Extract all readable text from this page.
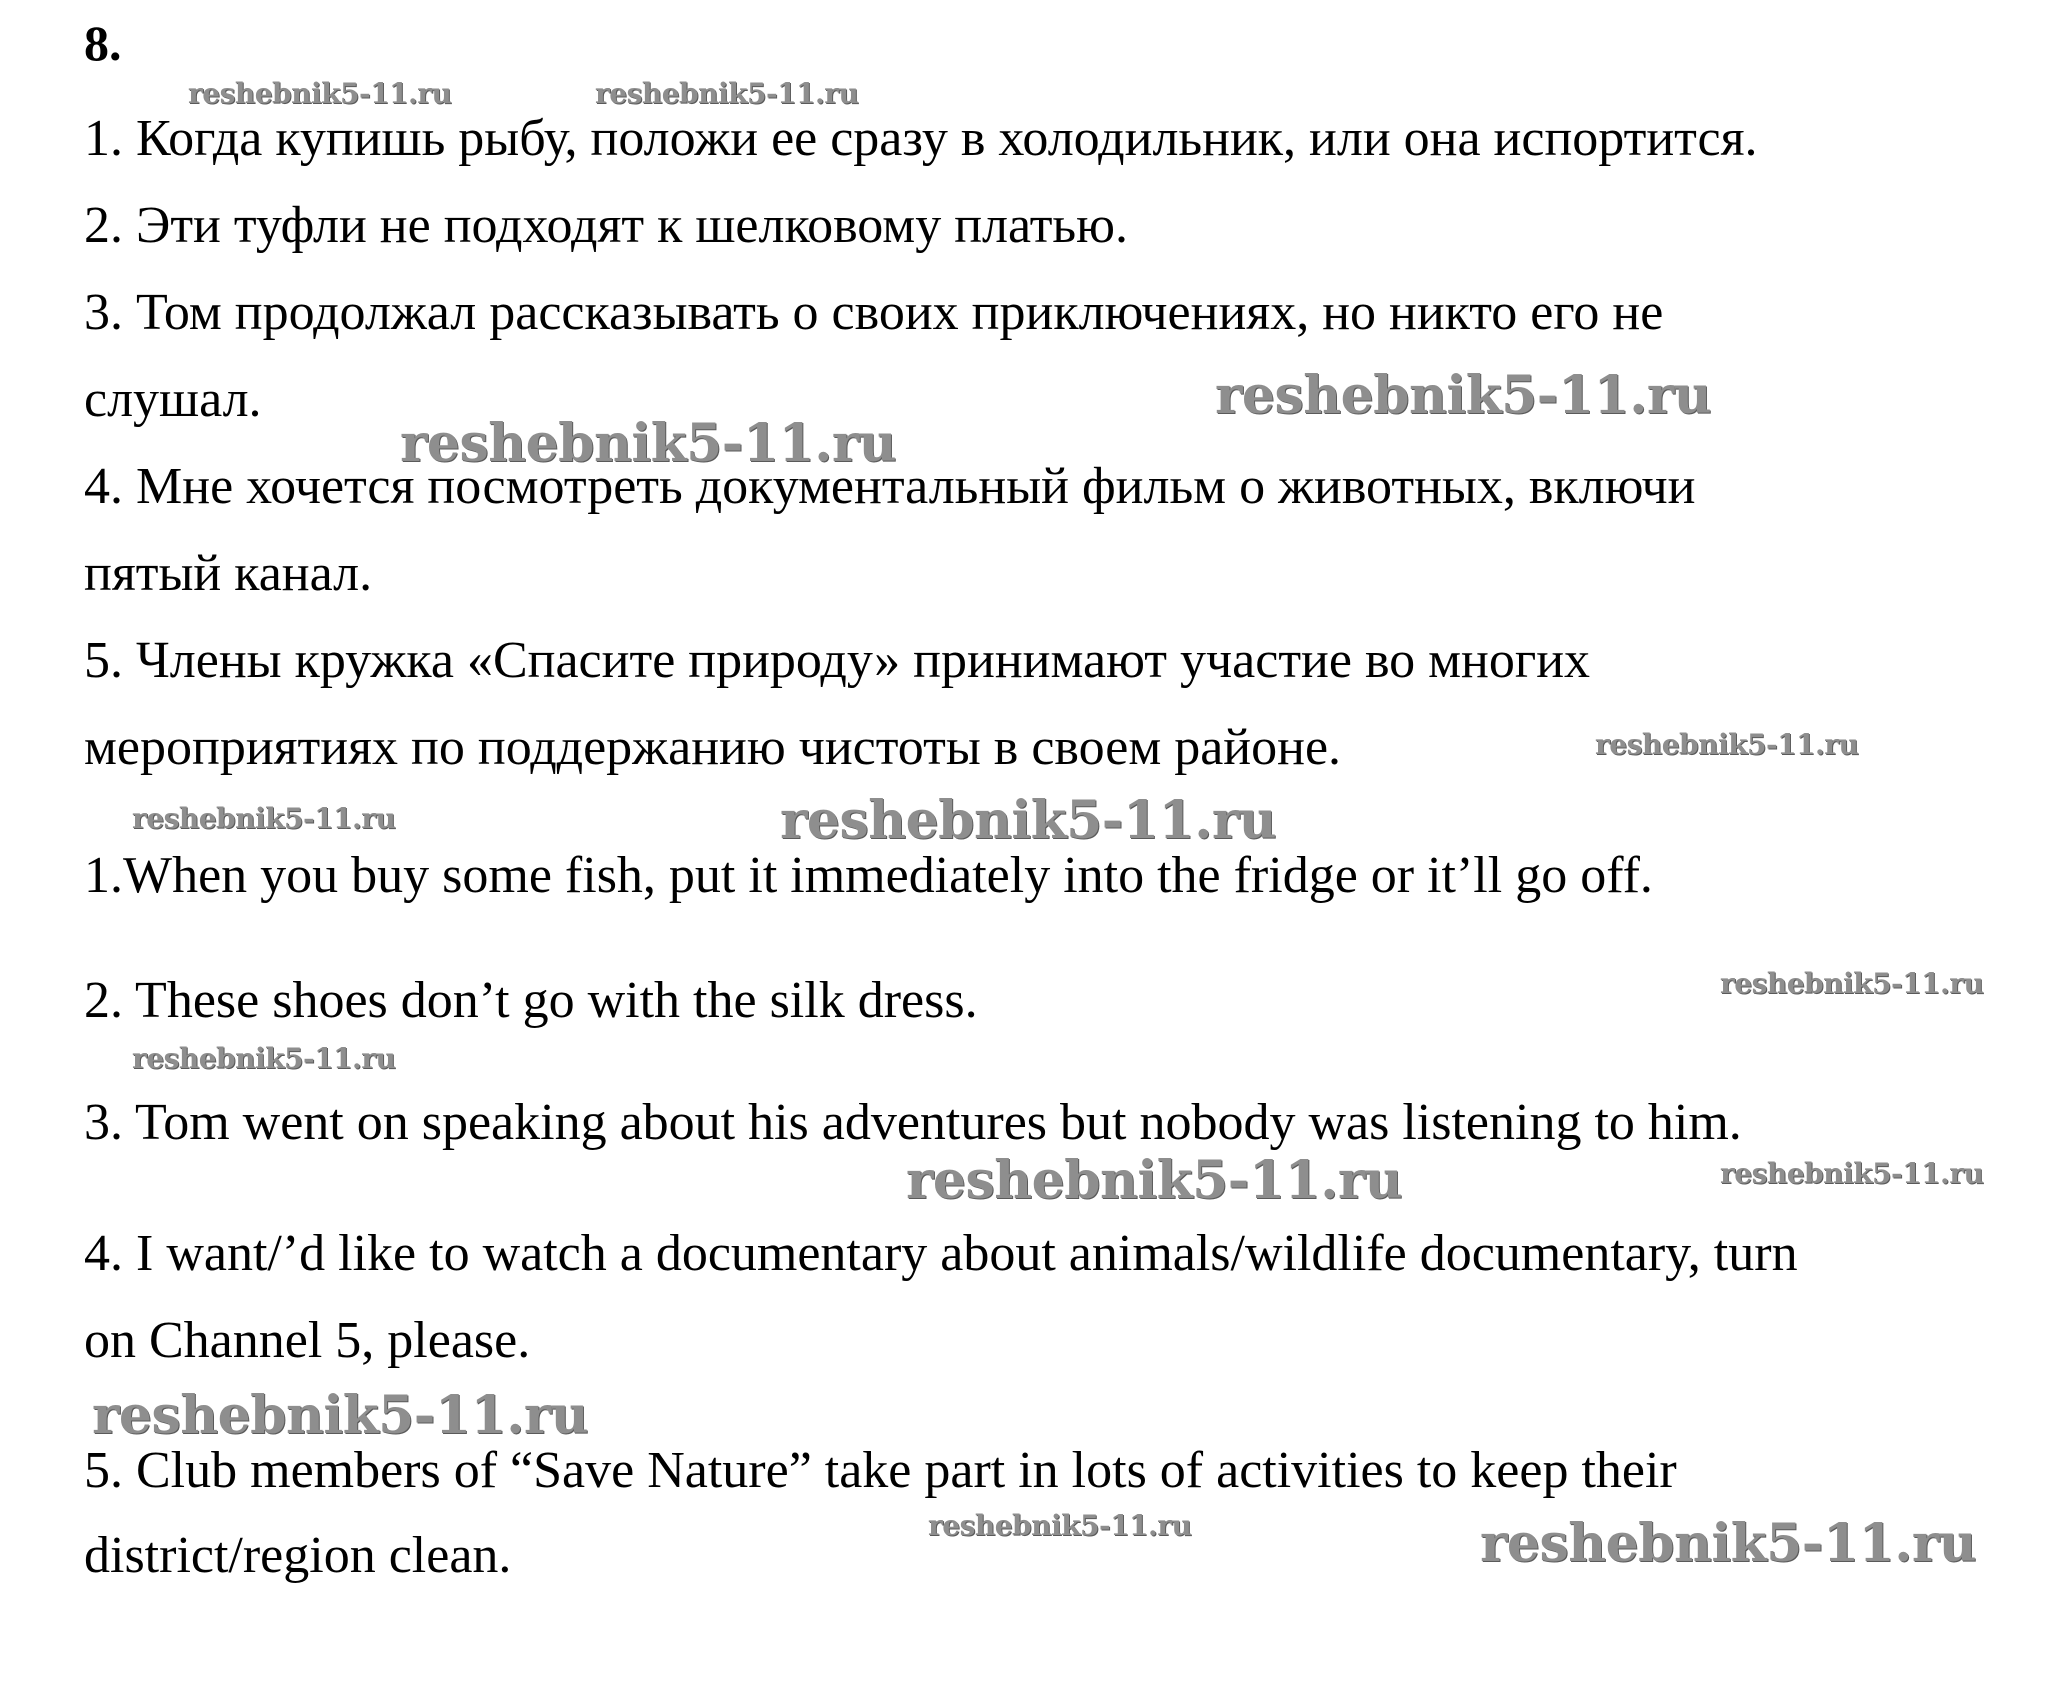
8.
1. Когда купишь рыбу, положи ее сразу в холодильник, или она испортится.
2. Эти туфли не подходят к шелковому платью.
3. Том продолжал рассказывать о своих приключениях, но никто его не
слушал.
4. Мне хочется посмотреть документальный фильм о животных, включи
пятый канал.
5. Члены кружка «Спасите природу» принимают участие во многих
мероприятиях по поддержанию чистоты в своем районе.
1.When you buy some fish, put it immediately into the fridge or it’ll go off.
2. These shoes don’t go with the silk dress.
3. Tom went on speaking about his adventures but nobody was listening to him.
4. I want/’d like to watch a documentary about animals/wildlife documentary, turn
on Channel 5, please.
5. Club members of “Save Nature” take part in lots of activities to keep their
district/region clean.
reshebnik5-11.ru	reshebnik5-11.ru
reshebnik5-11.ru
reshebnik5-11.ru
reshebnik5-11.ru
reshebnik5-11.ru	reshebnik5-11.ru
reshebnik5-11.ru
reshebnik5-11.ru
reshebnik5-11.ru	reshebnik5-11.ru
reshebnik5-11.ru
reshebnik5-11.ru	reshebnik5-11.ru
